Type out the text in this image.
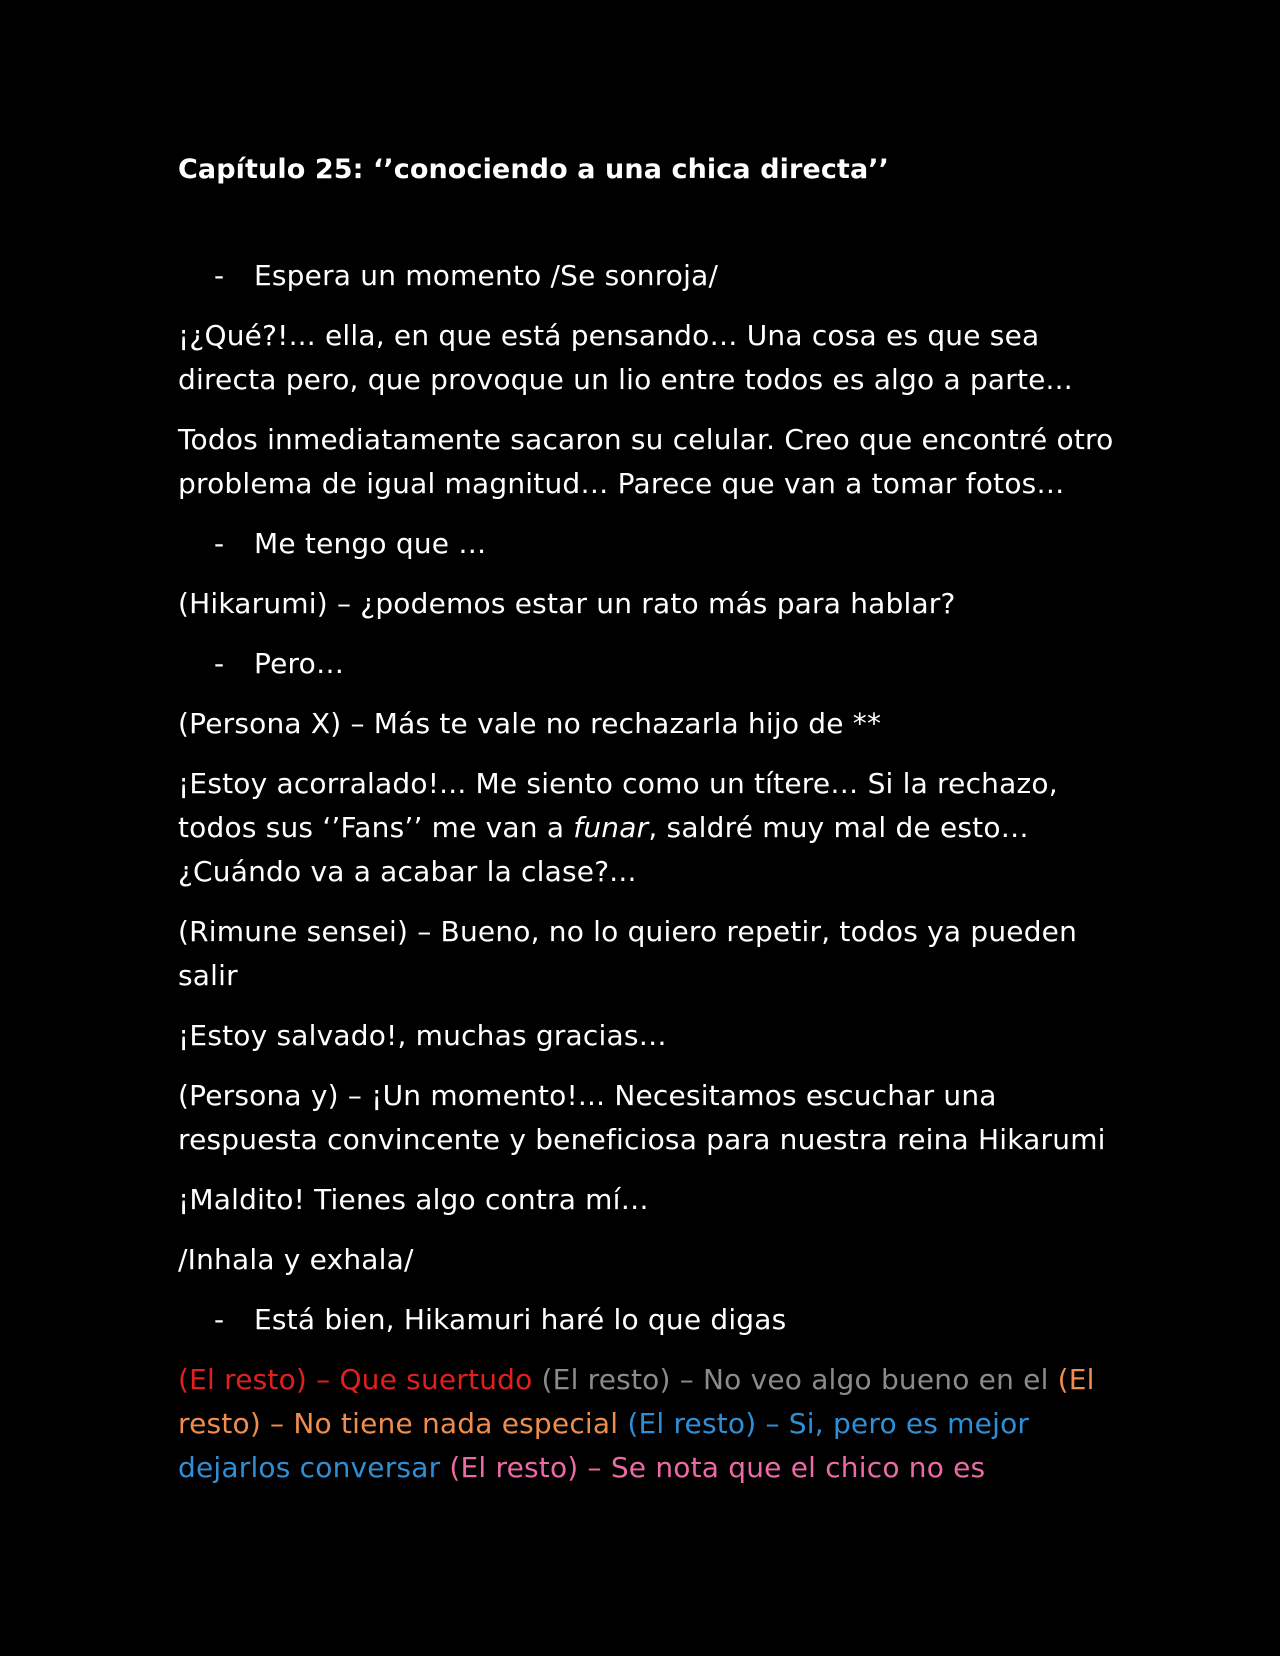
Capítulo 25: ‘’conociendo a una chica directa’’
- Espera un momento /Se sonroja/

¡¿Qué?!... ella, en que está pensando… Una cosa es que sea directa pero, que provoque un lio entre todos es algo a parte...

Todos inmediatamente sacaron su celular. Creo que encontré otro problema de igual magnitud… Parece que van a tomar fotos…

- Me tengo que …

(Hikarumi) – ¿podemos estar un rato más para hablar?

- Pero…

(Persona X) – Más te vale no rechazarla hijo de **

¡Estoy acorralado!... Me siento como un títere… Si la rechazo, todos sus ‘’Fans’’ me van a funar, saldré muy mal de esto… ¿Cuándo va a acabar la clase?...

(Rimune sensei) – Bueno, no lo quiero repetir, todos ya pueden salir

¡Estoy salvado!, muchas gracias…

(Persona y) – ¡Un momento!... Necesitamos escuchar una respuesta convincente y beneficiosa para nuestra reina Hikarumi

¡Maldito! Tienes algo contra mí…

/Inhala y exhala/

- Está bien, Hikamuri haré lo que digas

(El resto) – Que suertudo (El resto) – No veo algo bueno en el (El resto) – No tiene nada especial (El resto) – Si, pero es mejor dejarlos conversar (El resto) – Se nota que el chico no es
